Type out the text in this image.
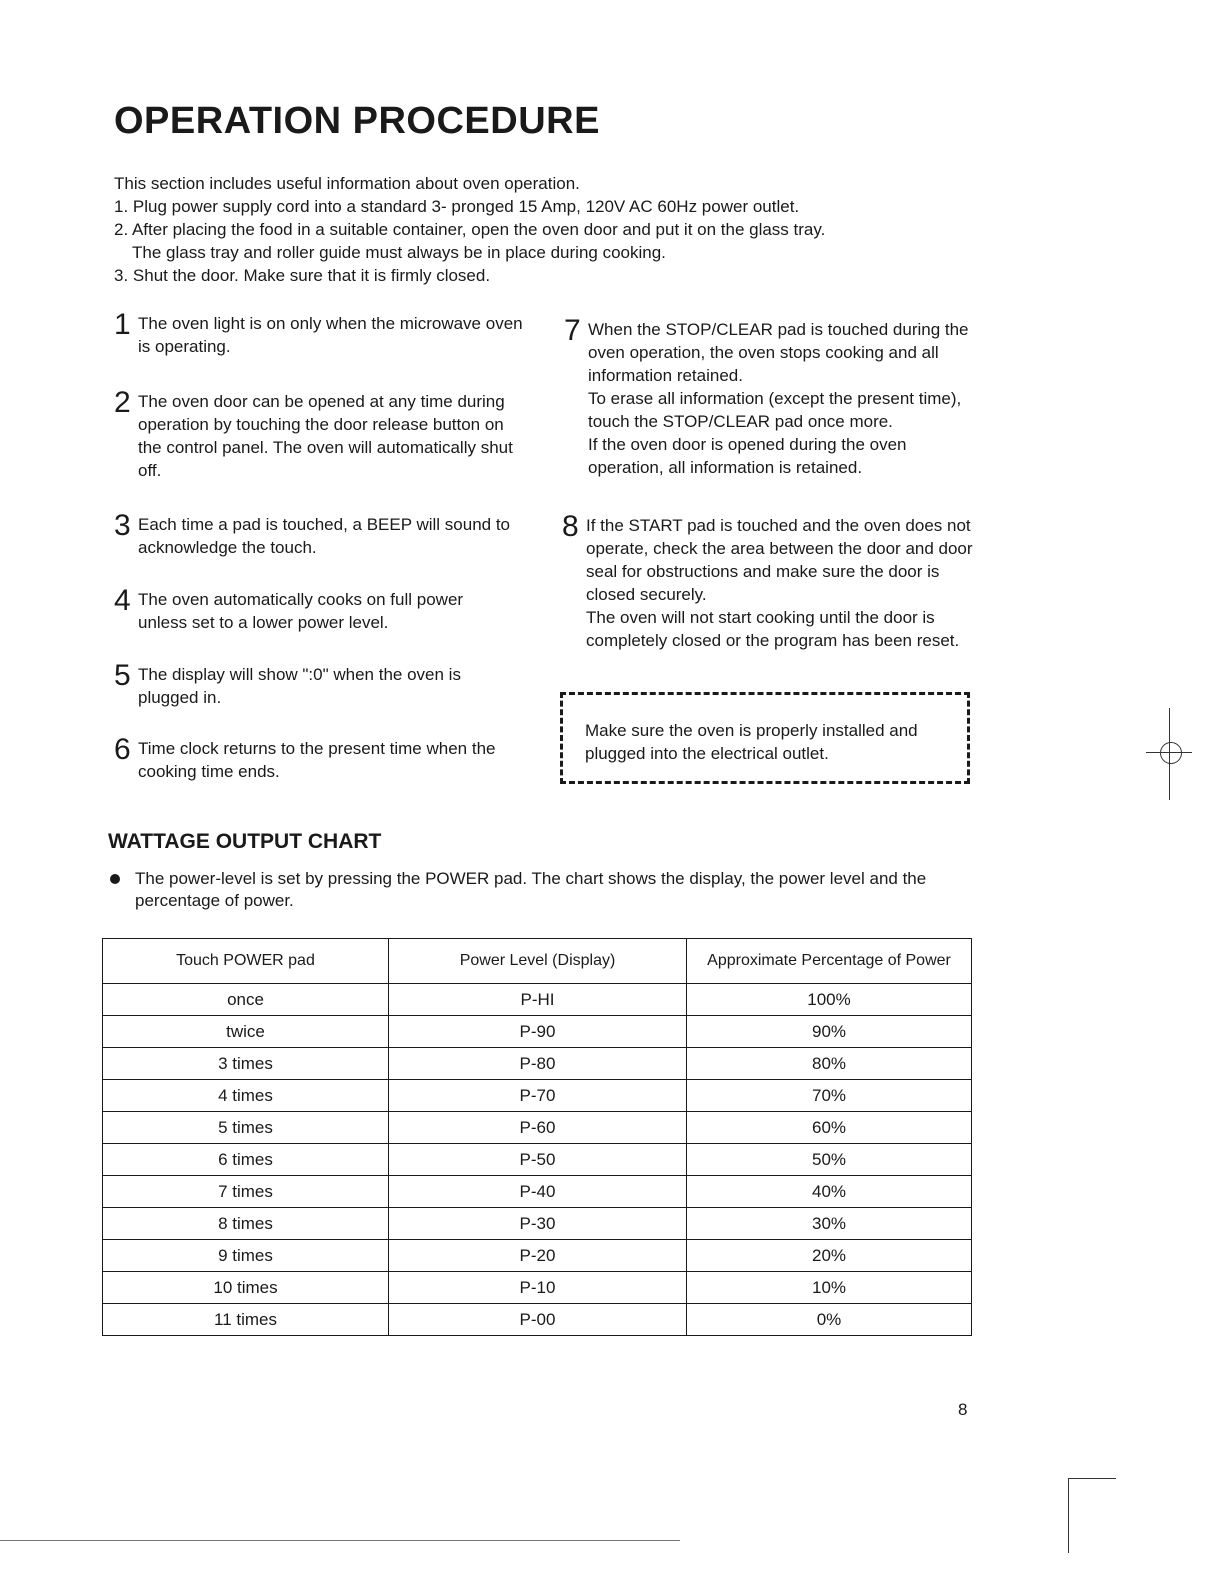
OPERATION PROCEDURE
This section includes useful information about oven operation.
1. Plug power supply cord into a standard 3- pronged 15 Amp, 120V AC 60Hz power outlet.
2. After placing the food in a suitable container, open the oven door and put it on the glass tray.
The glass tray and roller guide must always be in place during cooking.
3. Shut the door. Make sure that it is firmly closed.
1 The oven light is on only when the microwave oven is operating.

2 The oven door can be opened at any time during operation by touching the door release button on the control panel. The oven will automatically shut off.

3 Each time a pad is touched, a BEEP will sound to acknowledge the touch.

4 The oven automatically cooks on full power unless set to a lower power level.

5 The display will show ":0" when the oven is plugged in.

6 Time clock returns to the present time when the cooking time ends.

7 When the STOP/CLEAR pad is touched during the oven operation, the oven stops cooking and all information retained.

To erase all information (except the present time), touch the STOP/CLEAR pad once more.

If the oven door is opened during the oven operation, all information is retained.

8 If the START pad is touched and the oven does not operate, check the area between the door and door seal for obstructions and make sure the door is closed securely.

The oven will not start cooking until the door is completely closed or the program has been reset.

Make sure the oven is properly installed and plugged into the electrical outlet.
WATTAGE OUTPUT CHART
The power-level is set by pressing the POWER pad. The chart shows the display, the power level and the percentage of power.
Touch POWER pad	Power Level (Display)	Approximate Percentage of Power
once	P-HI	100%
twice	P-90	90%
3 times	P-80	80%
4 times	P-70	70%
5 times	P-60	60%
6 times	P-50	50%
7 times	P-40	40%
8 times	P-30	30%
9 times	P-20	20%
10 times	P-10	10%
11 times	P-00	0%
8
